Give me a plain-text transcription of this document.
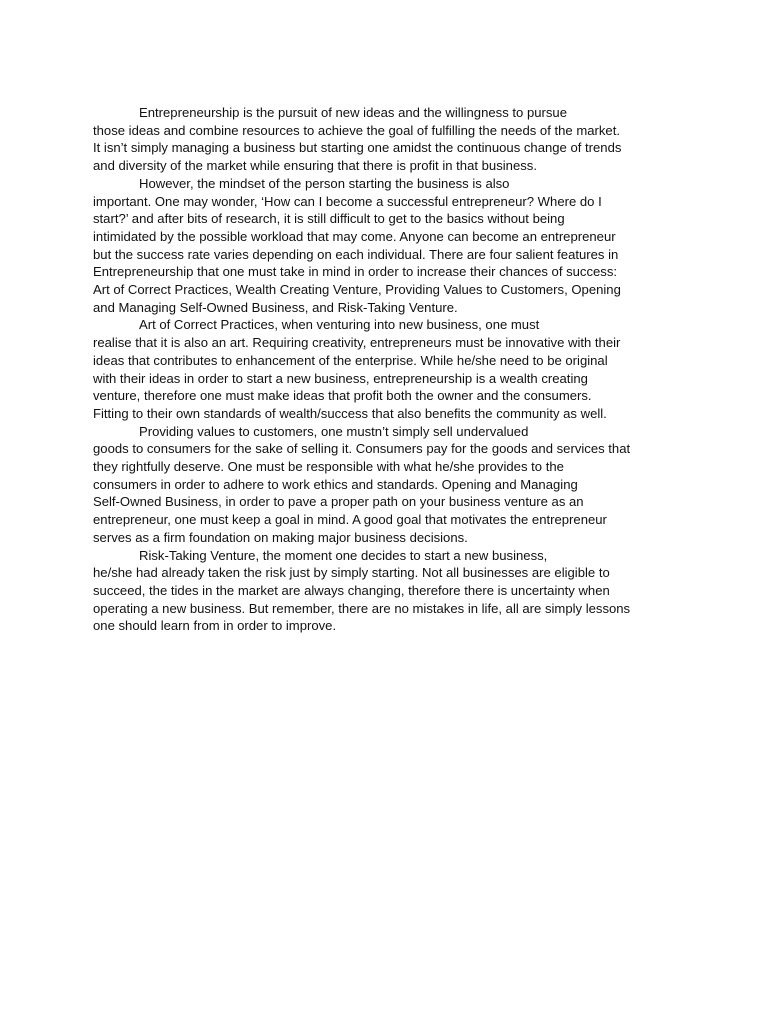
Entrepreneurship is the pursuit of new ideas and the willingness to pursue

those ideas and combine resources to achieve the goal of fulfilling the needs of the market.

It isn’t simply managing a business but starting one amidst the continuous change of trends

and diversity of the market while ensuring that there is profit in that business.

However, the mindset of the person starting the business is also

important. One may wonder, ‘How can I become a successful entrepreneur? Where do I

start?’ and after bits of research, it is still difficult to get to the basics without being

intimidated by the possible workload that may come. Anyone can become an entrepreneur

but the success rate varies depending on each individual. There are four salient features in

Entrepreneurship that one must take in mind in order to increase their chances of success:

Art of Correct Practices, Wealth Creating Venture, Providing Values to Customers, Opening

and Managing Self-Owned Business, and Risk-Taking Venture.

Art of Correct Practices, when venturing into new business, one must

realise that it is also an art. Requiring creativity, entrepreneurs must be innovative with their

ideas that contributes to enhancement of the enterprise. While he/she need to be original

with their ideas in order to start a new business, entrepreneurship is a wealth creating

venture, therefore one must make ideas that profit both the owner and the consumers.

Fitting to their own standards of wealth/success that also benefits the community as well.

Providing values to customers, one mustn’t simply sell undervalued

goods to consumers for the sake of selling it. Consumers pay for the goods and services that

they rightfully deserve. One must be responsible with what he/she provides to the

consumers in order to adhere to work ethics and standards. Opening and Managing

Self-Owned Business, in order to pave a proper path on your business venture as an

entrepreneur, one must keep a goal in mind. A good goal that motivates the entrepreneur

serves as a firm foundation on making major business decisions.

Risk-Taking Venture, the moment one decides to start a new business,

he/she had already taken the risk just by simply starting. Not all businesses are eligible to

succeed, the tides in the market are always changing, therefore there is uncertainty when

operating a new business. But remember, there are no mistakes in life, all are simply lessons

one should learn from in order to improve.
